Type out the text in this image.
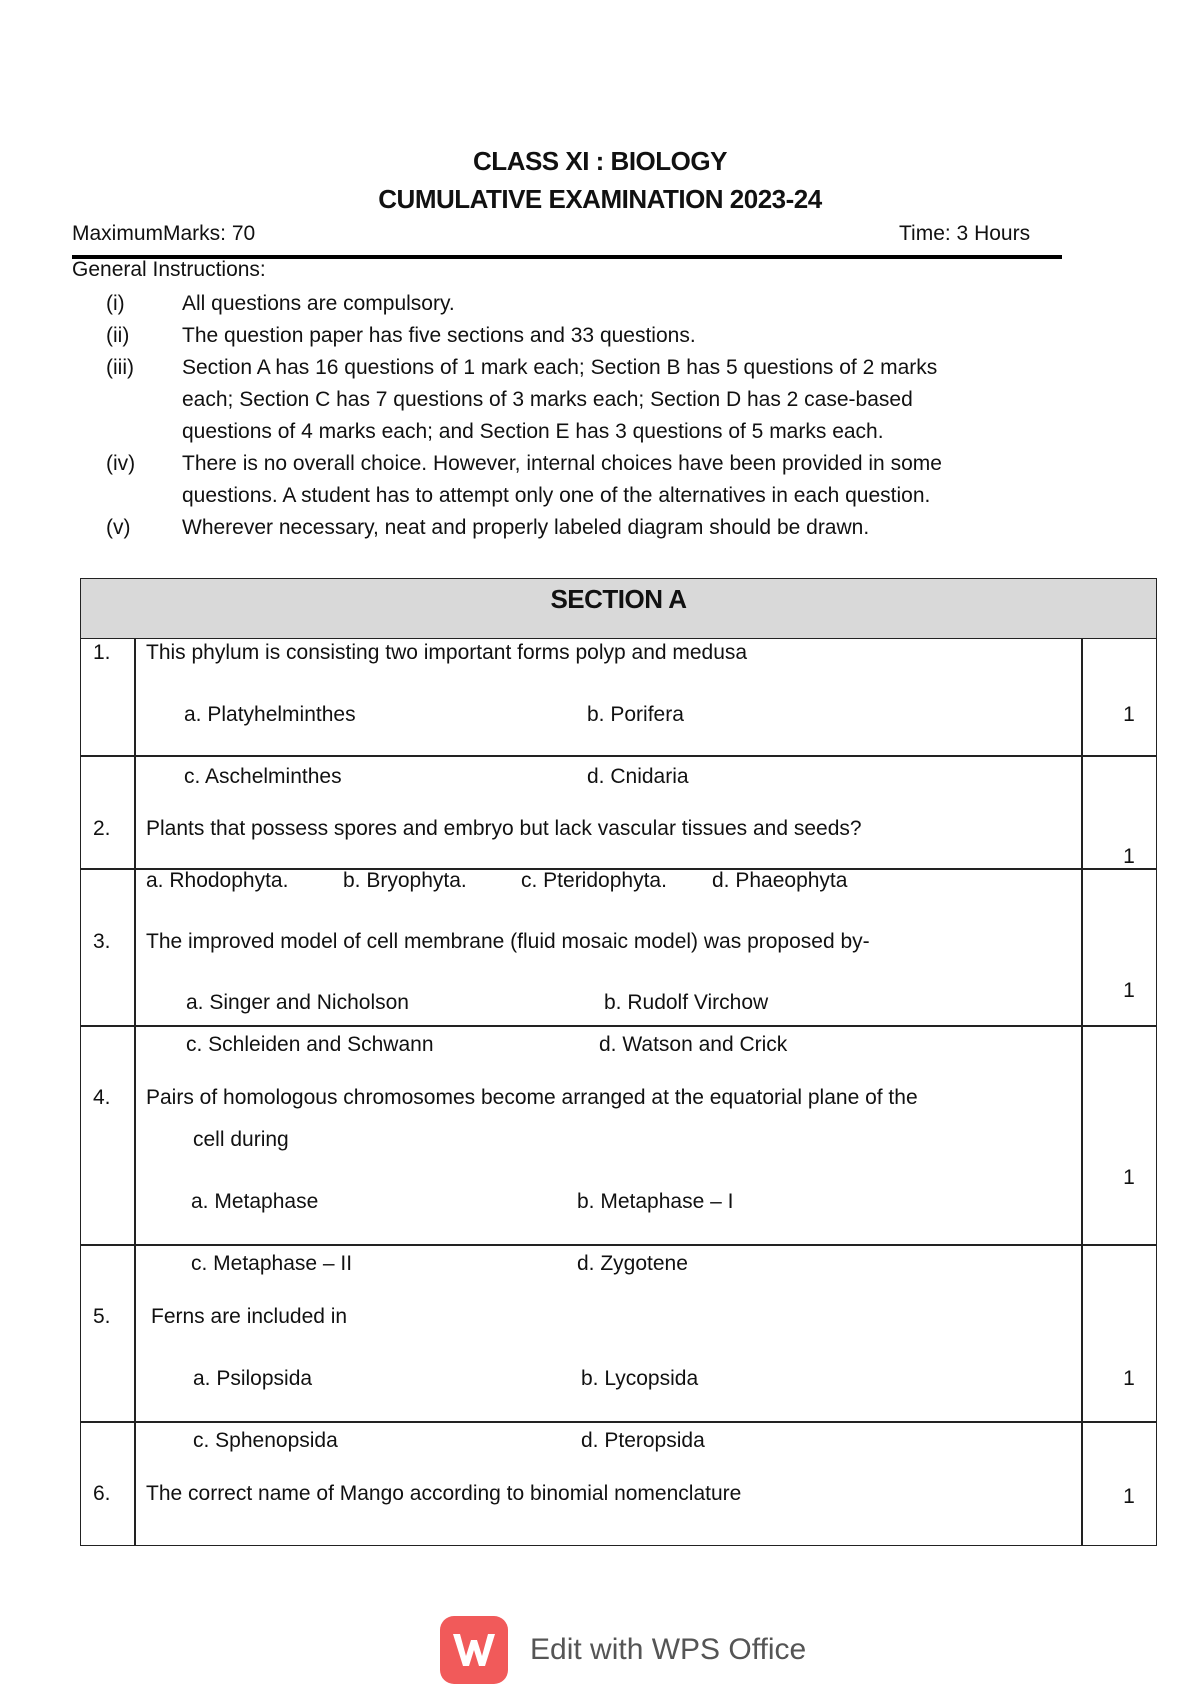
CLASS XI : BIOLOGY
CUMULATIVE EXAMINATION 2023-24
MaximumMarks: 70	Time: 3 Hours
General Instructions:
(i)	All questions are compulsory.
(ii)	The question paper has five sections and 33 questions.
(iii) Section A has 16 questions of 1 mark each; Section B has 5 questions of 2 marks
each; Section C has 7 questions of 3 marks each; Section D has 2 case-based
questions of 4 marks each; and Section E has 3 questions of 5 marks each.
(iv) There is no overall choice. However, internal choices have been provided in some
questions. A student has to attempt only one of the alternatives in each question.
(v) Wherever necessary, neat and properly labeled diagram should be drawn.
SECTION A
1. This phylum is consisting two important forms polyp and medusa
a. Platyhelminthes	b. Porifera
c. Aschelminthes	d. Cnidaria
1
2. Plants that possess spores and embryo but lack vascular tissues and seeds?
a. Rhodophyta.	b. Bryophyta.	c. Pteridophyta. d. Phaeophyta
1
3. The improved model of cell membrane (fluid mosaic model) was proposed by-
a. Singer and Nicholson	b. Rudolf Virchow
c. Schleiden and Schwann	d. Watson and Crick
1
4. Pairs of homologous chromosomes become arranged at the equatorial plane of the
cell during
a. Metaphase	b. Metaphase – I
c. Metaphase – II	d. Zygotene
1
5. Ferns are included in
a. Psilopsida	b. Lycopsida
c. Sphenopsida	d. Pteropsida
1
6. The correct name of Mango according to binomial nomenclature	1
Edit with WPS Office
